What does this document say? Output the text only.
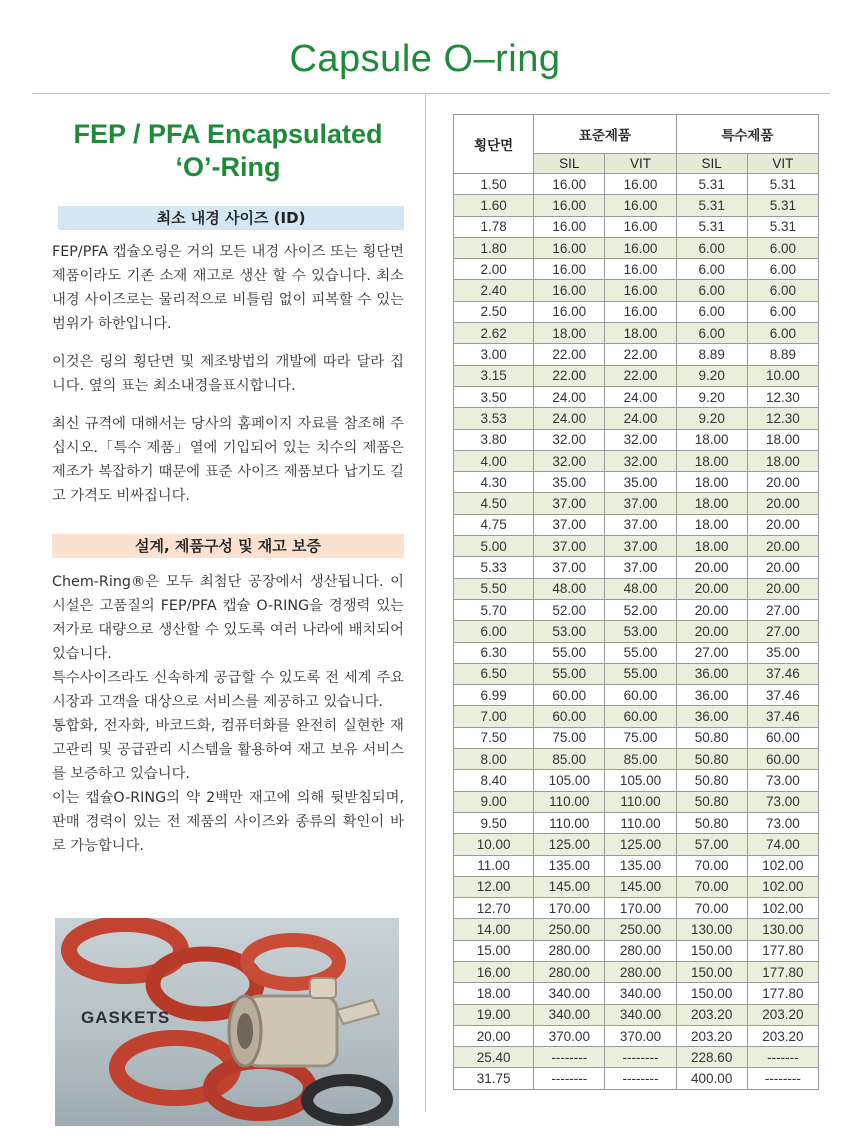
Capsule O–ring
FEP / PFA Encapsulated
‘O’-Ring
최소 내경 사이즈 (ID)
FEP/PFA 캡슐오링은 거의 모든 내경 사이즈 또는 횡단면 제품이라도 기존 소재 재고로 생산 할 수 있습니다. 최소 내경 사이즈로는 물리적으로 비틀림 없이 피복할 수 있는 범위가 하한입니다.
이것은 링의 횡단면 및 제조방법의 개발에 따라 달라 집니다. 옆의 표는 최소내경을표시합니다.
최신 규격에 대해서는 당사의 홈페이지 자료를 참조해 주십시오.「특수 제품」열에 기입되어 있는 치수의 제품은 제조가 복잡하기 때문에 표준 사이즈 제품보다 납기도 길고 가격도 비싸집니다.
설계, 제품구성 및 재고 보증
Chem-Ring®은 모두 최첨단 공장에서 생산됩니다. 이 시설은 고품질의 FEP/PFA 캡슐 O-RING을 경쟁력 있는 저가로 대량으로 생산할 수 있도록 여러 나라에 배치되어 있습니다.
특수사이즈라도 신속하게 공급할 수 있도록 전 세계 주요 시장과 고객을 대상으로 서비스를 제공하고 있습니다.
통합화, 전자화, 바코드화, 컴퓨터화를 완전히 실현한 재고관리 및 공급관리 시스템을 활용하여 재고 보유 서비스를 보증하고 있습니다.
이는 캡슐O-RING의 약 2백만 재고에 의해 뒷받침되며, 판매 경력이 있는 전 제품의 사이즈와 종류의 확인이 바로 가능합니다.
GASKETS
횡단면	표준제품		특수제품	
	SIL	VIT	SIL	VIT
1.50	16.00	16.00	5.31	5.31
1.60	16.00	16.00	5.31	5.31
1.78	16.00	16.00	5.31	5.31
1.80	16.00	16.00	6.00	6.00
2.00	16.00	16.00	6.00	6.00
2.40	16.00	16.00	6.00	6.00
2.50	16.00	16.00	6.00	6.00
2.62	18.00	18.00	6.00	6.00
3.00	22.00	22.00	8.89	8.89
3.15	22.00	22.00	9.20	10.00
3.50	24.00	24.00	9.20	12.30
3.53	24.00	24.00	9.20	12.30
3.80	32.00	32.00	18.00	18.00
4.00	32.00	32.00	18.00	18.00
4.30	35.00	35.00	18.00	20.00
4.50	37.00	37.00	18.00	20.00
4.75	37.00	37.00	18.00	20.00
5.00	37.00	37.00	18.00	20.00
5.33	37.00	37.00	20.00	20.00
5.50	48.00	48.00	20.00	20.00
5.70	52.00	52.00	20.00	27.00
6.00	53.00	53.00	20.00	27.00
6.30	55.00	55.00	27.00	35.00
6.50	55.00	55.00	36.00	37.46
6.99	60.00	60.00	36.00	37.46
7.00	60.00	60.00	36.00	37.46
7.50	75.00	75.00	50.80	60.00
8.00	85.00	85.00	50.80	60.00
8.40	105.00	105.00	50.80	73.00
9.00	110.00	110.00	50.80	73.00
9.50	110.00	110.00	50.80	73.00
10.00	125.00	125.00	57.00	74.00
11.00	135.00	135.00	70.00	102.00
12.00	145.00	145.00	70.00	102.00
12.70	170.00	170.00	70.00	102.00
14.00	250.00	250.00	130.00	130.00
15.00	280.00	280.00	150.00	177.80
16.00	280.00	280.00	150.00	177.80
18.00	340.00	340.00	150.00	177.80
19.00	340.00	340.00	203.20	203.20
20.00	370.00	370.00	203.20	203.20
25.40	--------	--------	228.60	-------
31.75	--------	--------	400.00	--------
